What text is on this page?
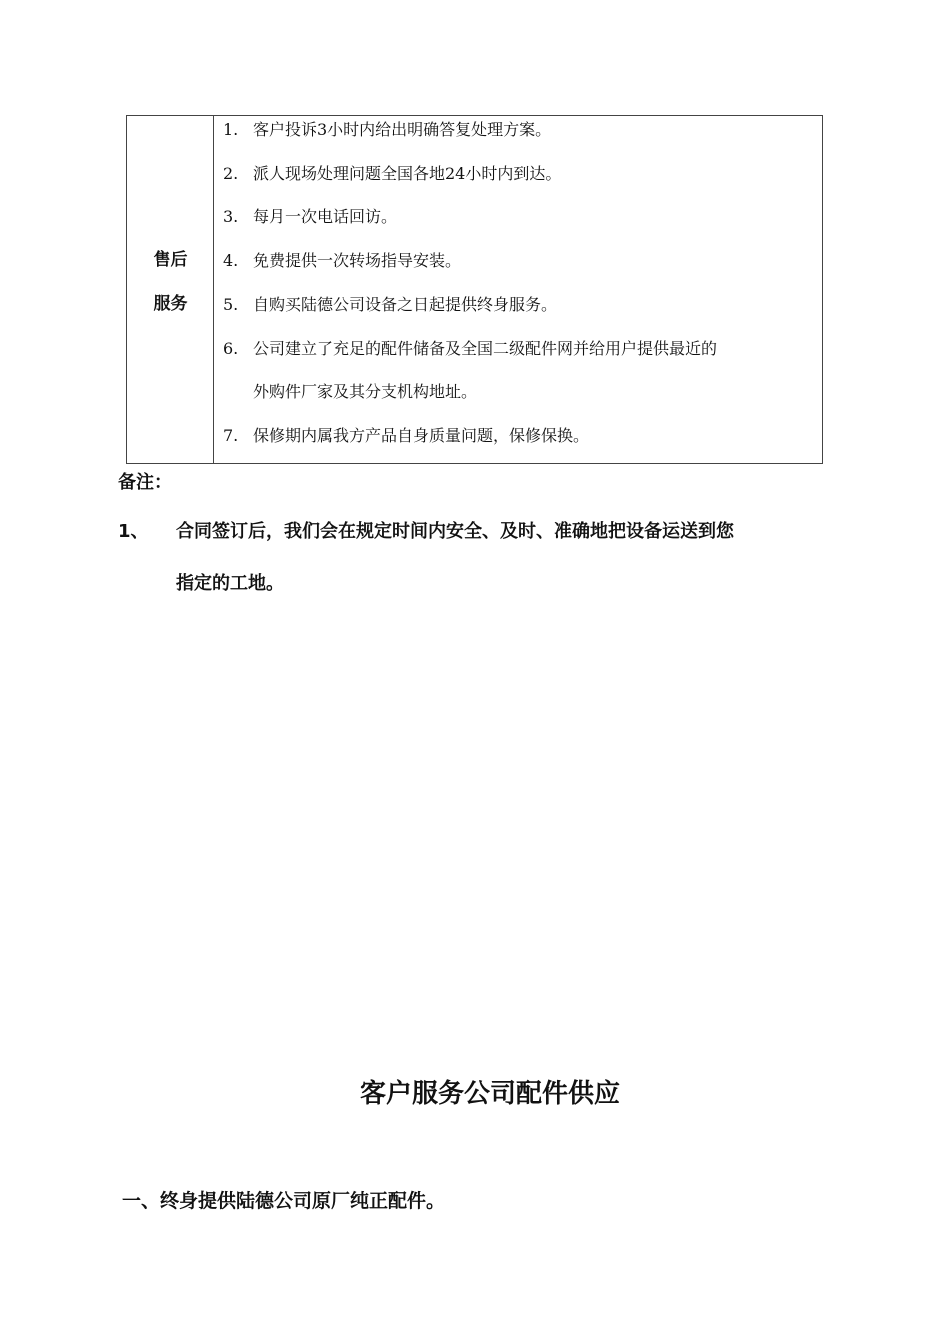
售后
服务
1. 客户投诉3小时内给出明确答复处理方案。
2. 派人现场处理问题全国各地24小时内到达。
3. 每月一次电话回访。
4. 免费提供一次转场指导安装。
5. 自购买陆德公司设备之日起提供终身服务。
6. 公司建立了充足的配件储备及全国二级配件网并给用户提供最近的
外购件厂家及其分支机构地址。
7. 保修期内属我方产品自身质量问题，保修保换。
备注：
1、 合同签订后，我们会在规定时间内安全、及时、准确地把设备运送到您
指定的工地。
客户服务公司配件供应
一、终身提供陆德公司原厂纯正配件。
